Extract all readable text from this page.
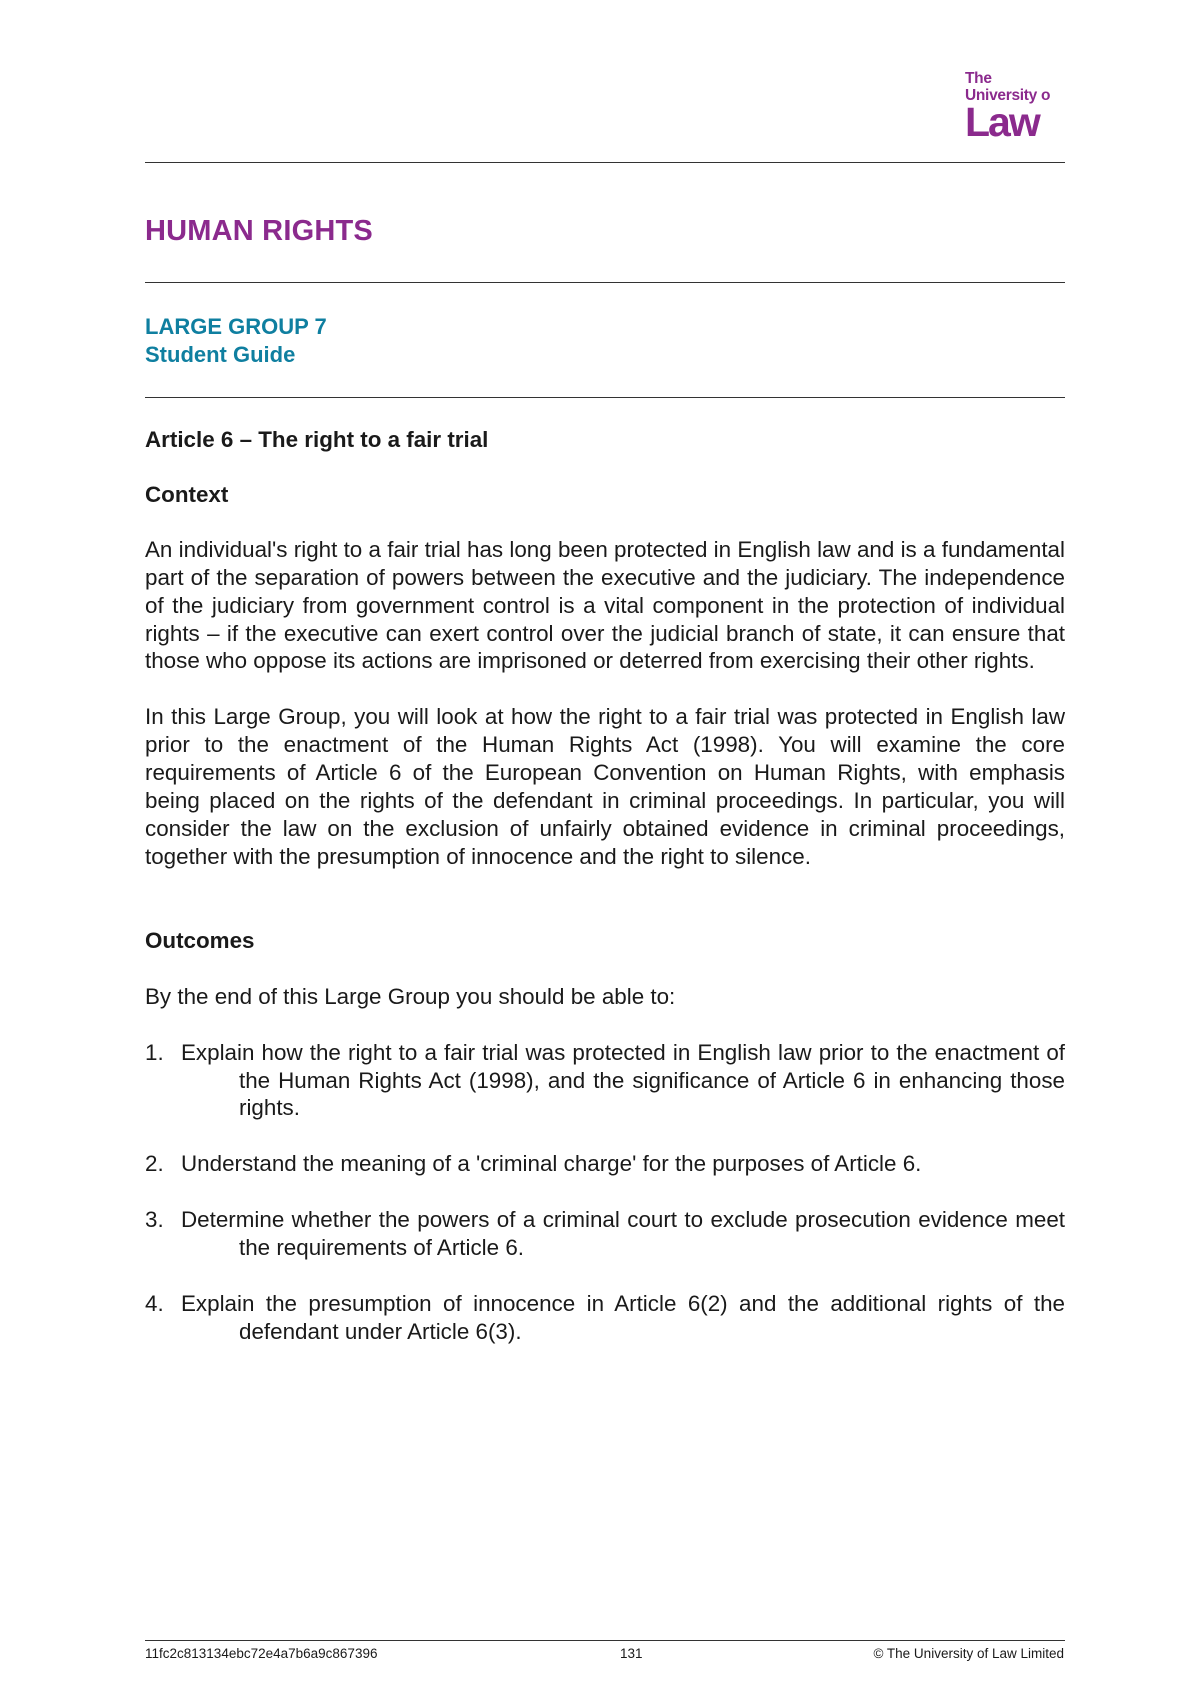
The
University o
Law
HUMAN RIGHTS
LARGE GROUP 7
Student Guide
Article 6 – The right to a fair trial
Context

An individual's right to a fair trial has long been protected in English law and is a fundamental part of the separation of powers between the executive and the judiciary. The independence of the judiciary from government control is a vital component in the protection of individual rights – if the executive can exert control over the judicial branch of state, it can ensure that those who oppose its actions are imprisoned or deterred from exercising their other rights.

In this Large Group, you will look at how the right to a fair trial was protected in English law prior to the enactment of the Human Rights Act (1998). You will examine the core requirements of Article 6 of the European Convention on Human Rights, with emphasis being placed on the rights of the defendant in criminal proceedings. In particular, you will consider the law on the exclusion of unfairly obtained evidence in criminal proceedings, together with the presumption of innocence and the right to silence.

Outcomes

By the end of this Large Group you should be able to:

1. Explain how the right to a fair trial was protected in English law prior to the enactment of the Human Rights Act (1998), and the significance of Article 6 in enhancing those rights.
2. Understand the meaning of a 'criminal charge' for the purposes of Article 6.
3. Determine whether the powers of a criminal court to exclude prosecution evidence meet the requirements of Article 6.
4. Explain the presumption of innocence in Article 6(2) and the additional rights of the defendant under Article 6(3).
11fc2c813134ebc72e4a7b6a9c867396	131	© The University of Law Limited
